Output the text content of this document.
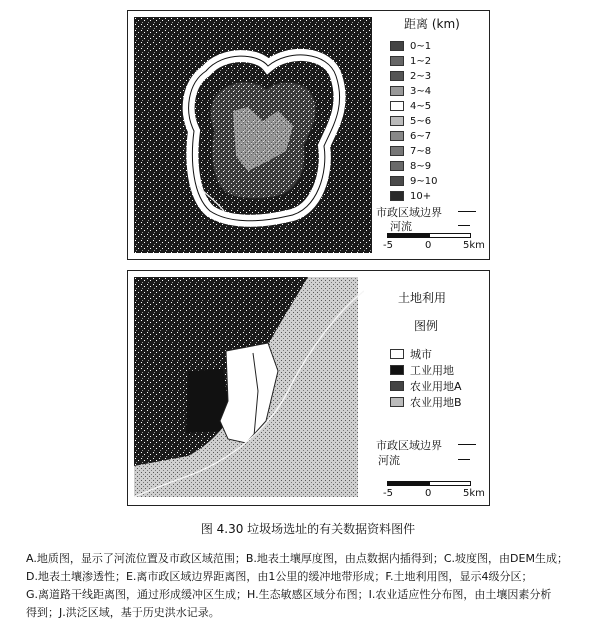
距离 (km)
0~1
1~2
2~3
3~4
4~5
5~6
6~7
7~8
8~9
9~10
10+
市政区域边界
河流
-5	0	5km
土地利用
图例
城市
工业用地
农业用地A
农业用地B
市政区域边界
河流
-5	0	5km
图 4.30 垃圾场选址的有关数据资料图件
A.地质图，显示了河流位置及市政区域范围；B.地表土壤厚度图，由点数据内插得到；C.坡度图，由DEM生成；
D.地表土壤渗透性；E.离市政区域边界距离图，由1公里的缓冲地带形成；F.土地利用图，显示4级分区；
G.离道路干线距离图，通过形成缓冲区生成；H.生态敏感区域分布图；I.农业适应性分布图，由土壤因素分析
得到；J.洪泛区域，基于历史洪水记录。
